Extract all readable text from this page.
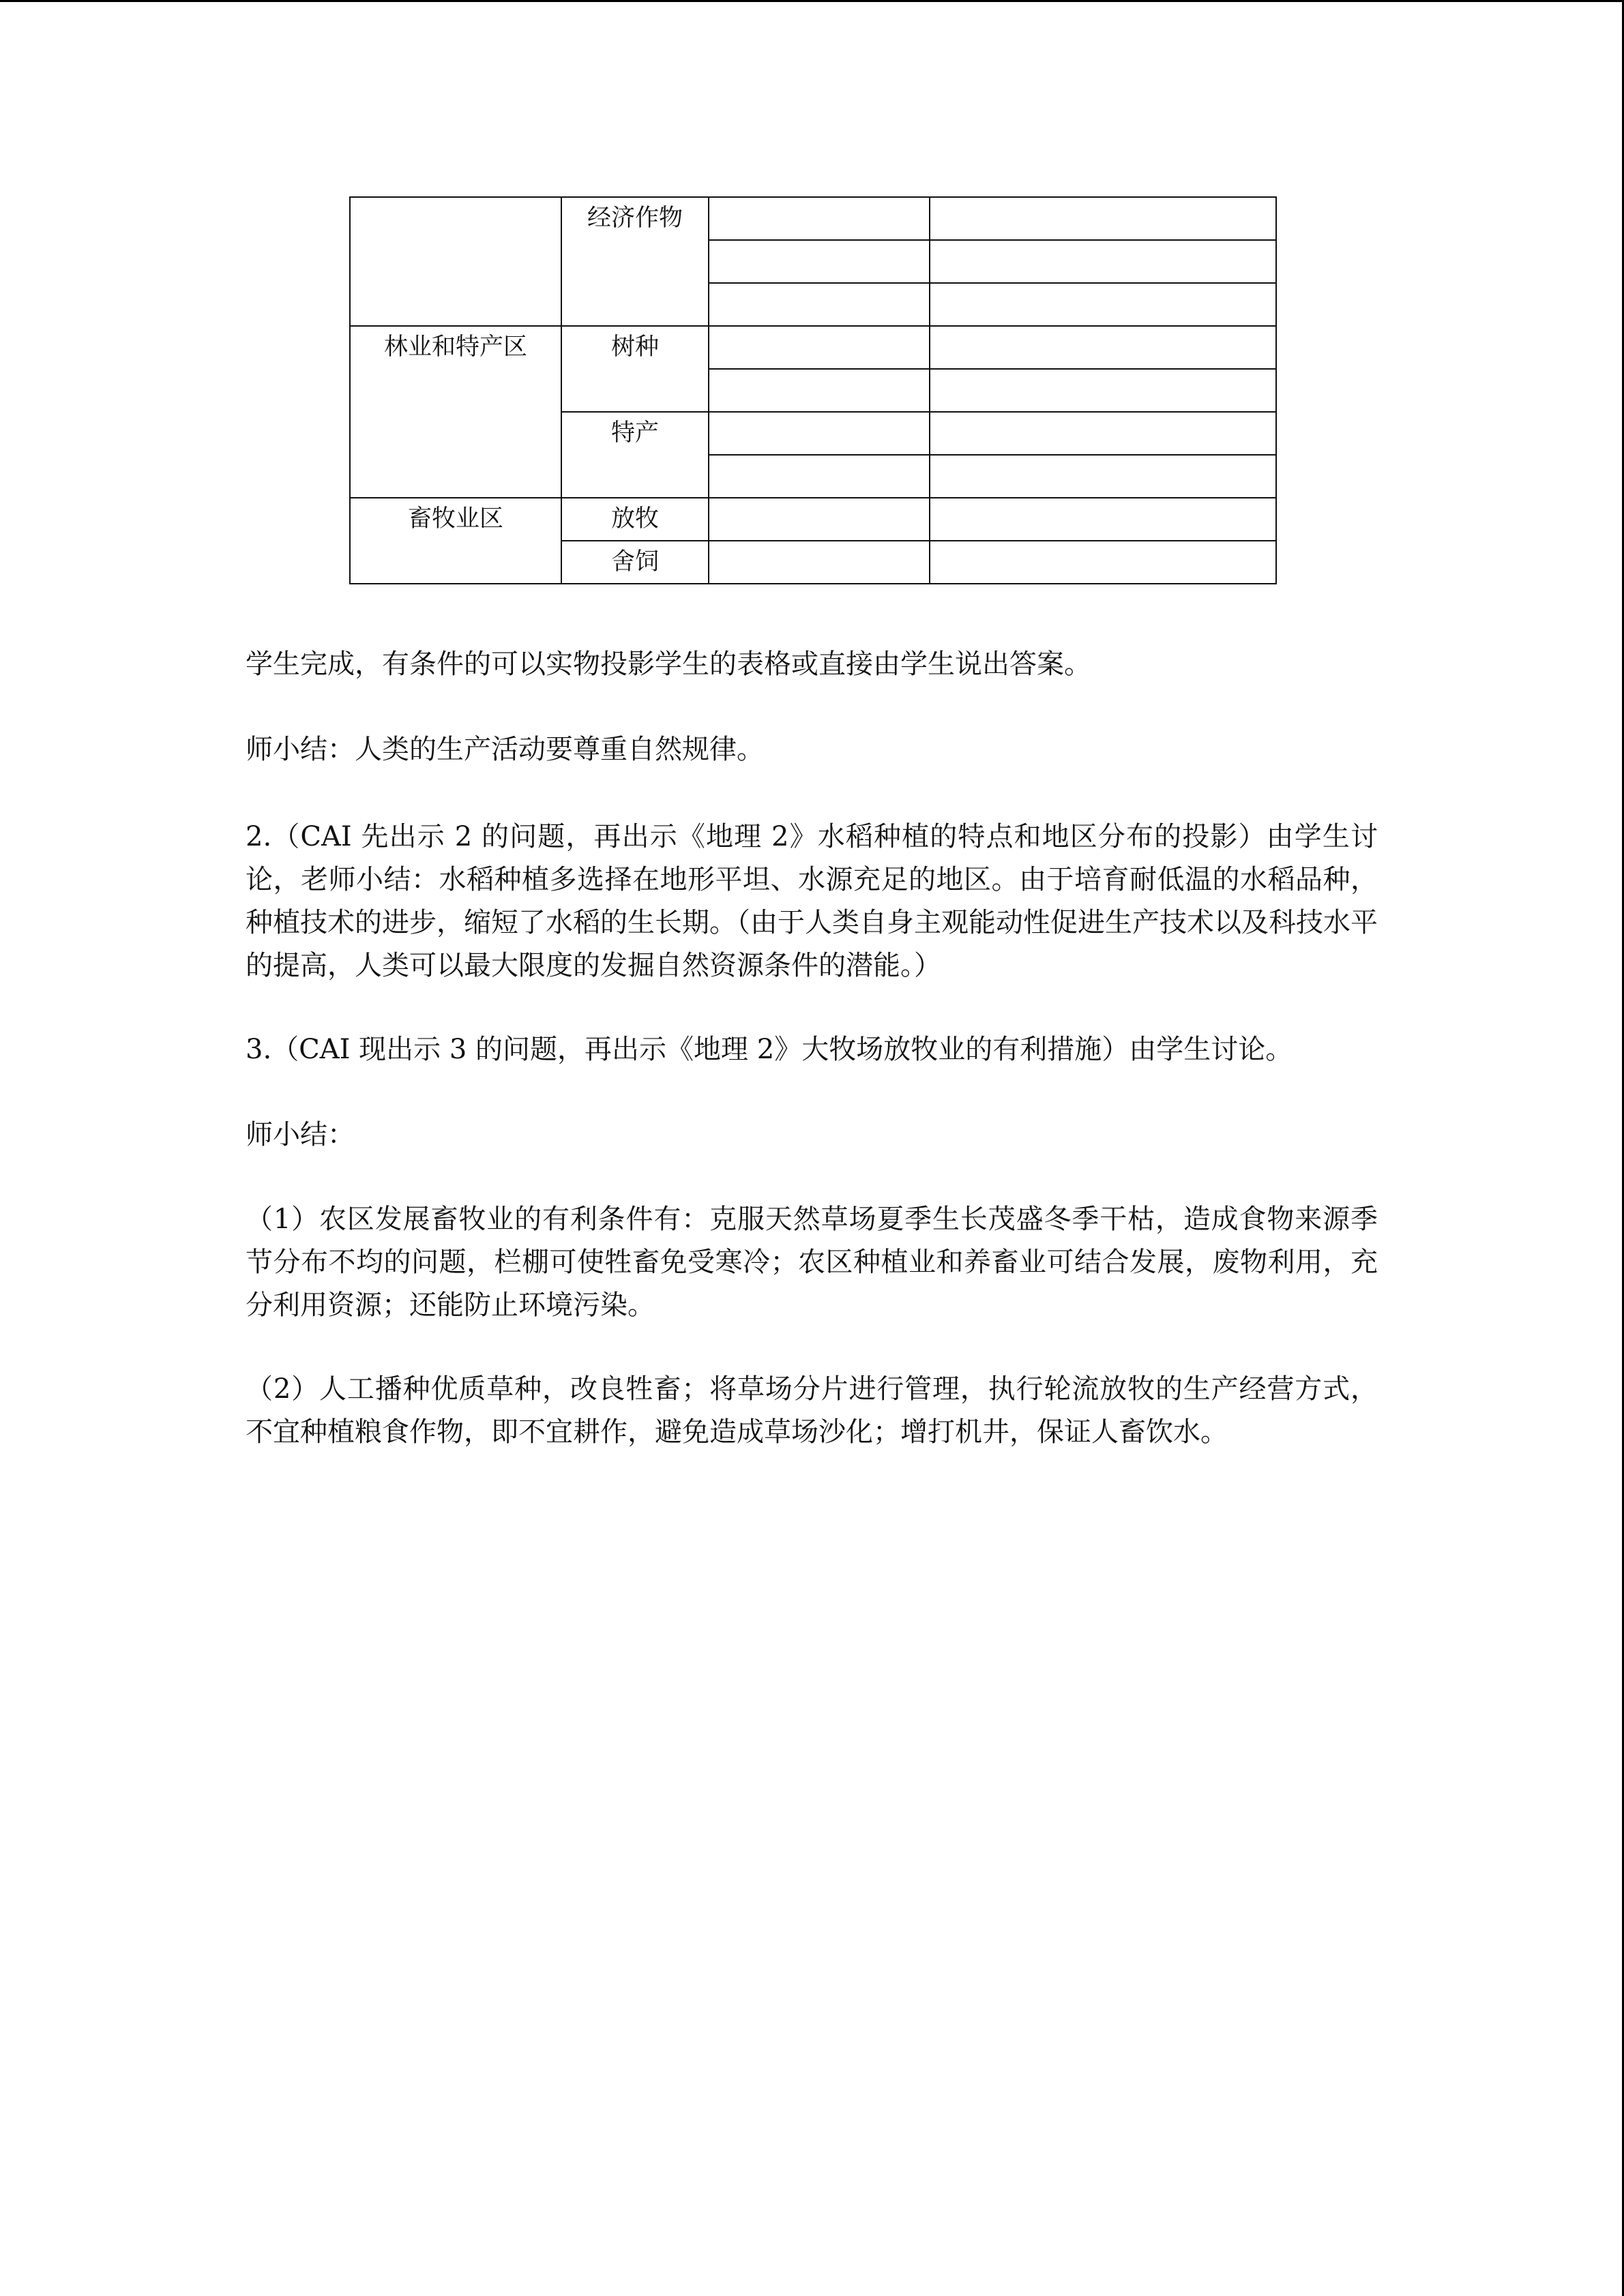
	经济作物		

林业和特产区	树种		

	特产		

畜牧业区	放牧		
	舍饲		

学生完成，有条件的可以实物投影学生的表格或直接由学生说出答案。

师小结：人类的生产活动要尊重自然规律。

2.（CAI 先出示 2 的问题，再出示《地理 2》水稻种植的特点和地区分布的投影）由学生讨论，老师小结：水稻种植多选择在地形平坦、水源充足的地区。由于培育耐低温的水稻品种，种植技术的进步，缩短了水稻的生长期。（由于人类自身主观能动性促进生产技术以及科技水平的提高，人类可以最大限度的发掘自然资源条件的潜能。）

3.（CAI 现出示 3 的问题，再出示《地理 2》大牧场放牧业的有利措施）由学生讨论。

师小结：

（1）农区发展畜牧业的有利条件有：克服天然草场夏季生长茂盛冬季干枯，造成食物来源季节分布不均的问题，栏棚可使牲畜免受寒冷；农区种植业和养畜业可结合发展，废物利用，充分利用资源；还能防止环境污染。

（2）人工播种优质草种，改良牲畜；将草场分片进行管理，执行轮流放牧的生产经营方式，不宜种植粮食作物，即不宜耕作，避免造成草场沙化；增打机井，保证人畜饮水。
